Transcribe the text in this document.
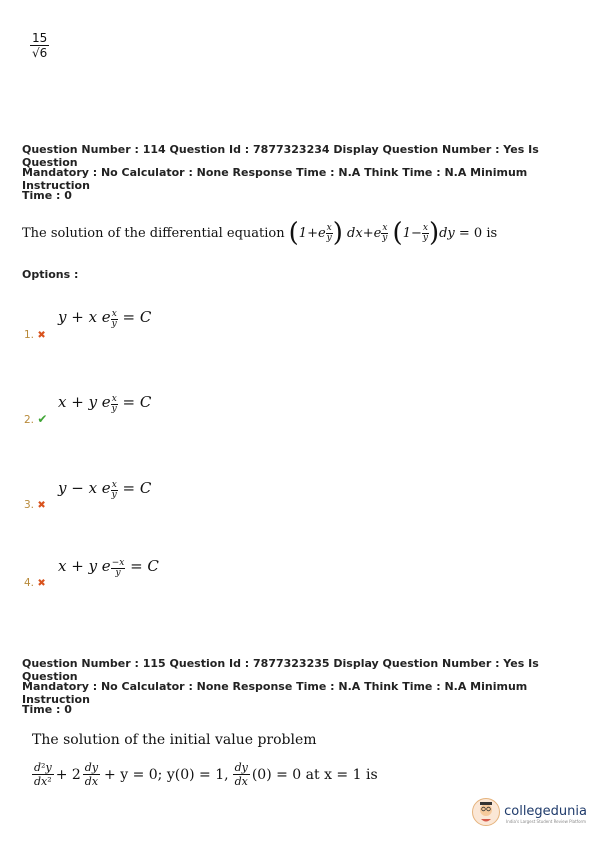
$\frac{15}{√6}$
Question Number : 114 Question Id : 7877323234 Display Question Number : Yes Is Question
Mandatory : No Calculator : None Response Time : N.A Think Time : N.A Minimum Instruction
Time : 0
The solution of the differential equation ( 1+ e x
y )
dx + e x
y
( 1− x
y ) dy
= 0 is
Options :
y + x e $\frac{x}{y} = C$
1. ✖
x + y e $\frac{x}{y} = C$
2. ✔
y − x e $\frac{x}{y} = C$
3. ✖
x + y e $\frac{-x}{y} = C$
4. ✖
Question Number : 115 Question Id : 7877323235 Display Question Number : Yes Is Question
Mandatory : No Calculator : None Response Time : N.A Think Time : N.A Minimum Instruction
Time : 0
The solution of the initial value problem
$\frac{\text{d²y}}{\text{dx²}} + 2 \frac{dy}{dx} + y = 0$; y(0) = 1, $\frac{dy}{dx} (0) = 0$ at x = 1 is
collegedunia
India's Largest Student Review Platform
